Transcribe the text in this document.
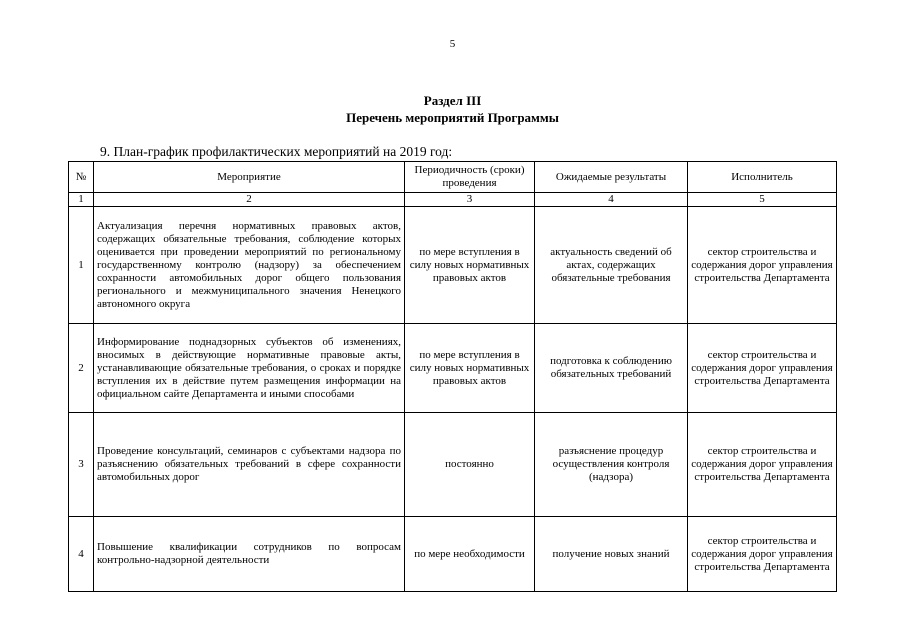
5
Раздел III
Перечень мероприятий Программы
9. План-график профилактических мероприятий на 2019 год:
№	Мероприятие	Периодичность (сроки) проведения	Ожидаемые результаты	Исполнитель
1	2	3	4	5
1	Актуализация перечня нормативных правовых актов, содержащих обязательные требования, соблюдение которых оценивается при проведении мероприятий по региональному государственному контролю (надзору) за обеспечением сохранности автомобильных дорог общего пользования регионального и межмуниципального значения Ненецкого автономного округа	по мере вступления в силу новых нормативных правовых актов	актуальность сведений об актах, содержащих обязательные требования	сектор строительства и содержания дорог управления строительства Департамента
2	Информирование поднадзорных субъектов об изменениях, вносимых в действующие нормативные правовые акты, устанавливающие обязательные требования, о сроках и порядке вступления их в действие путем размещения информации на официальном сайте Департамента и иными способами	по мере вступления в силу новых нормативных правовых актов	подготовка к соблюдению обязательных требований	сектор строительства и содержания дорог управления строительства Департамента
3	Проведение консультаций, семинаров с субъектами надзора по разъяснению обязательных требований в сфере сохранности автомобильных дорог	постоянно	разъяснение процедур осуществления контроля (надзора)	сектор строительства и содержания дорог управления строительства Департамента
4	Повышение квалификации сотрудников по вопросам контрольно-надзорной деятельности	по мере необходимости	получение новых знаний	сектор строительства и содержания дорог управления строительства Департамента
